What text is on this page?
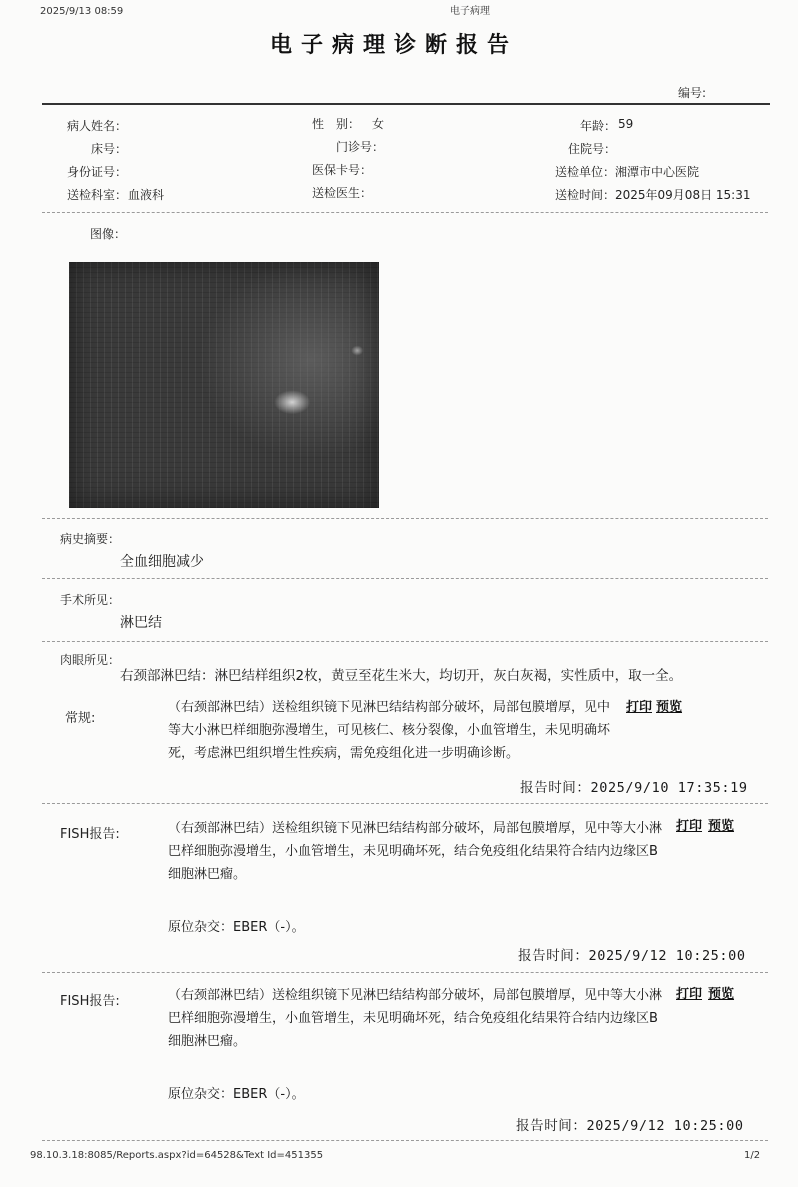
2025/9/13 08:59	电子病理
98.10.3.18:8085/Reports.aspx?id=64528&Text Id=451355	1/2
电子病理诊断报告
编号:
病人姓名：	性　别： 女	年龄： 59
床号：	门诊号：	住院号：
身份证号：	医保卡号：	送检单位： 湘潭市中心医院
送检科室： 血液科	送检医生：	送检时间： 2025年09月08日 15:31
图像：
病史摘要：
全血细胞减少
手术所见：
淋巴结
肉眼所见：
右颈部淋巴结：淋巴结样组织2枚，黄豆至花生米大，均切开，灰白灰褐，实性质中，取一全。
常规:
（右颈部淋巴结）送检组织镜下见淋巴结结构部分破坏，局部包膜增厚，见中等大小淋巴样细胞弥漫增生，可见核仁、核分裂像，小血管增生，未见明确坏死，考虑淋巴组织增生性疾病，需免疫组化进一步明确诊断。
打印 预览
报告时间：2025/9/10 17:35:19
FISH报告:	（右颈部淋巴结）送检组织镜下见淋巴结结构部分破坏，局部包膜增厚，见中等大小淋巴样细胞弥漫增生，小血管增生，未见明确坏死，结合免疫组化结果符合结内边缘区B细胞淋巴瘤。
原位杂交：EBER（-）。
打印 预览
报告时间：2025/9/12 10:25:00
FISH报告:	（右颈部淋巴结）送检组织镜下见淋巴结结构部分破坏，局部包膜增厚，见中等大小淋巴样细胞弥漫增生，小血管增生，未见明确坏死，结合免疫组化结果符合结内边缘区B细胞淋巴瘤。
原位杂交：EBER（-）。
打印 预览
报告时间：2025/9/12 10:25:00
